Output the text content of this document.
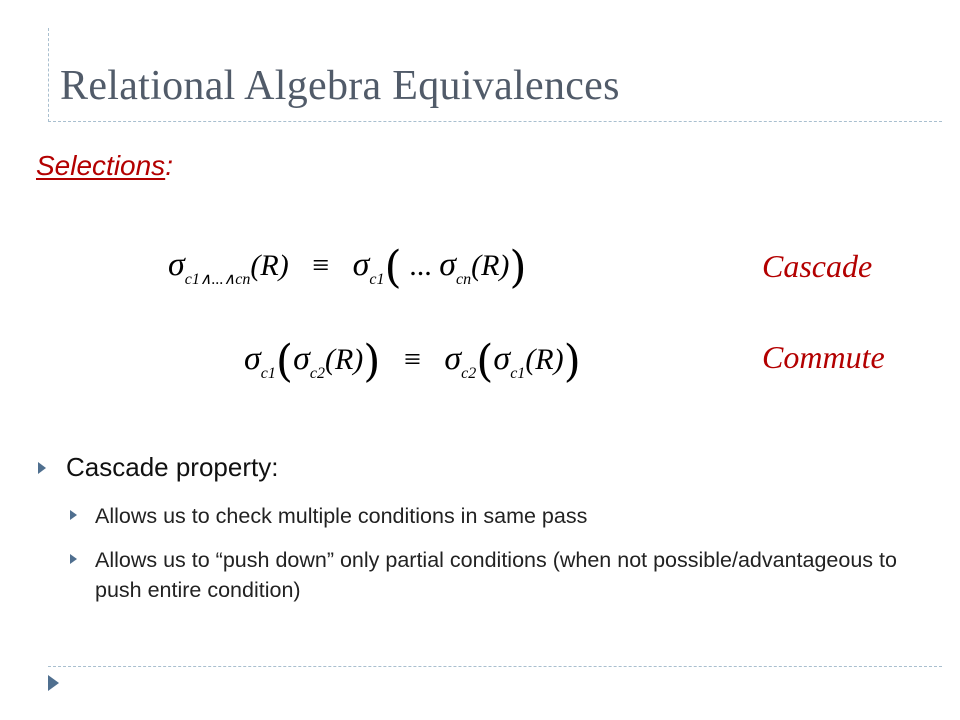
Relational Algebra Equivalences
Selections:
$\sigma_{c1\wedge...\wedge cn}(R) \equiv \sigma_{c1}$( ... $\sigma_{cn}(R)$)	Cascade
$\sigma_{c1}(\sigma_{c2}(R)) \equiv \sigma_{c2}(\sigma_{c1}(R))$	Commute
Cascade property:
Allows us to check multiple conditions in same pass
Allows us to “push down” only partial conditions (when not possible/advantageous to push entire condition)
